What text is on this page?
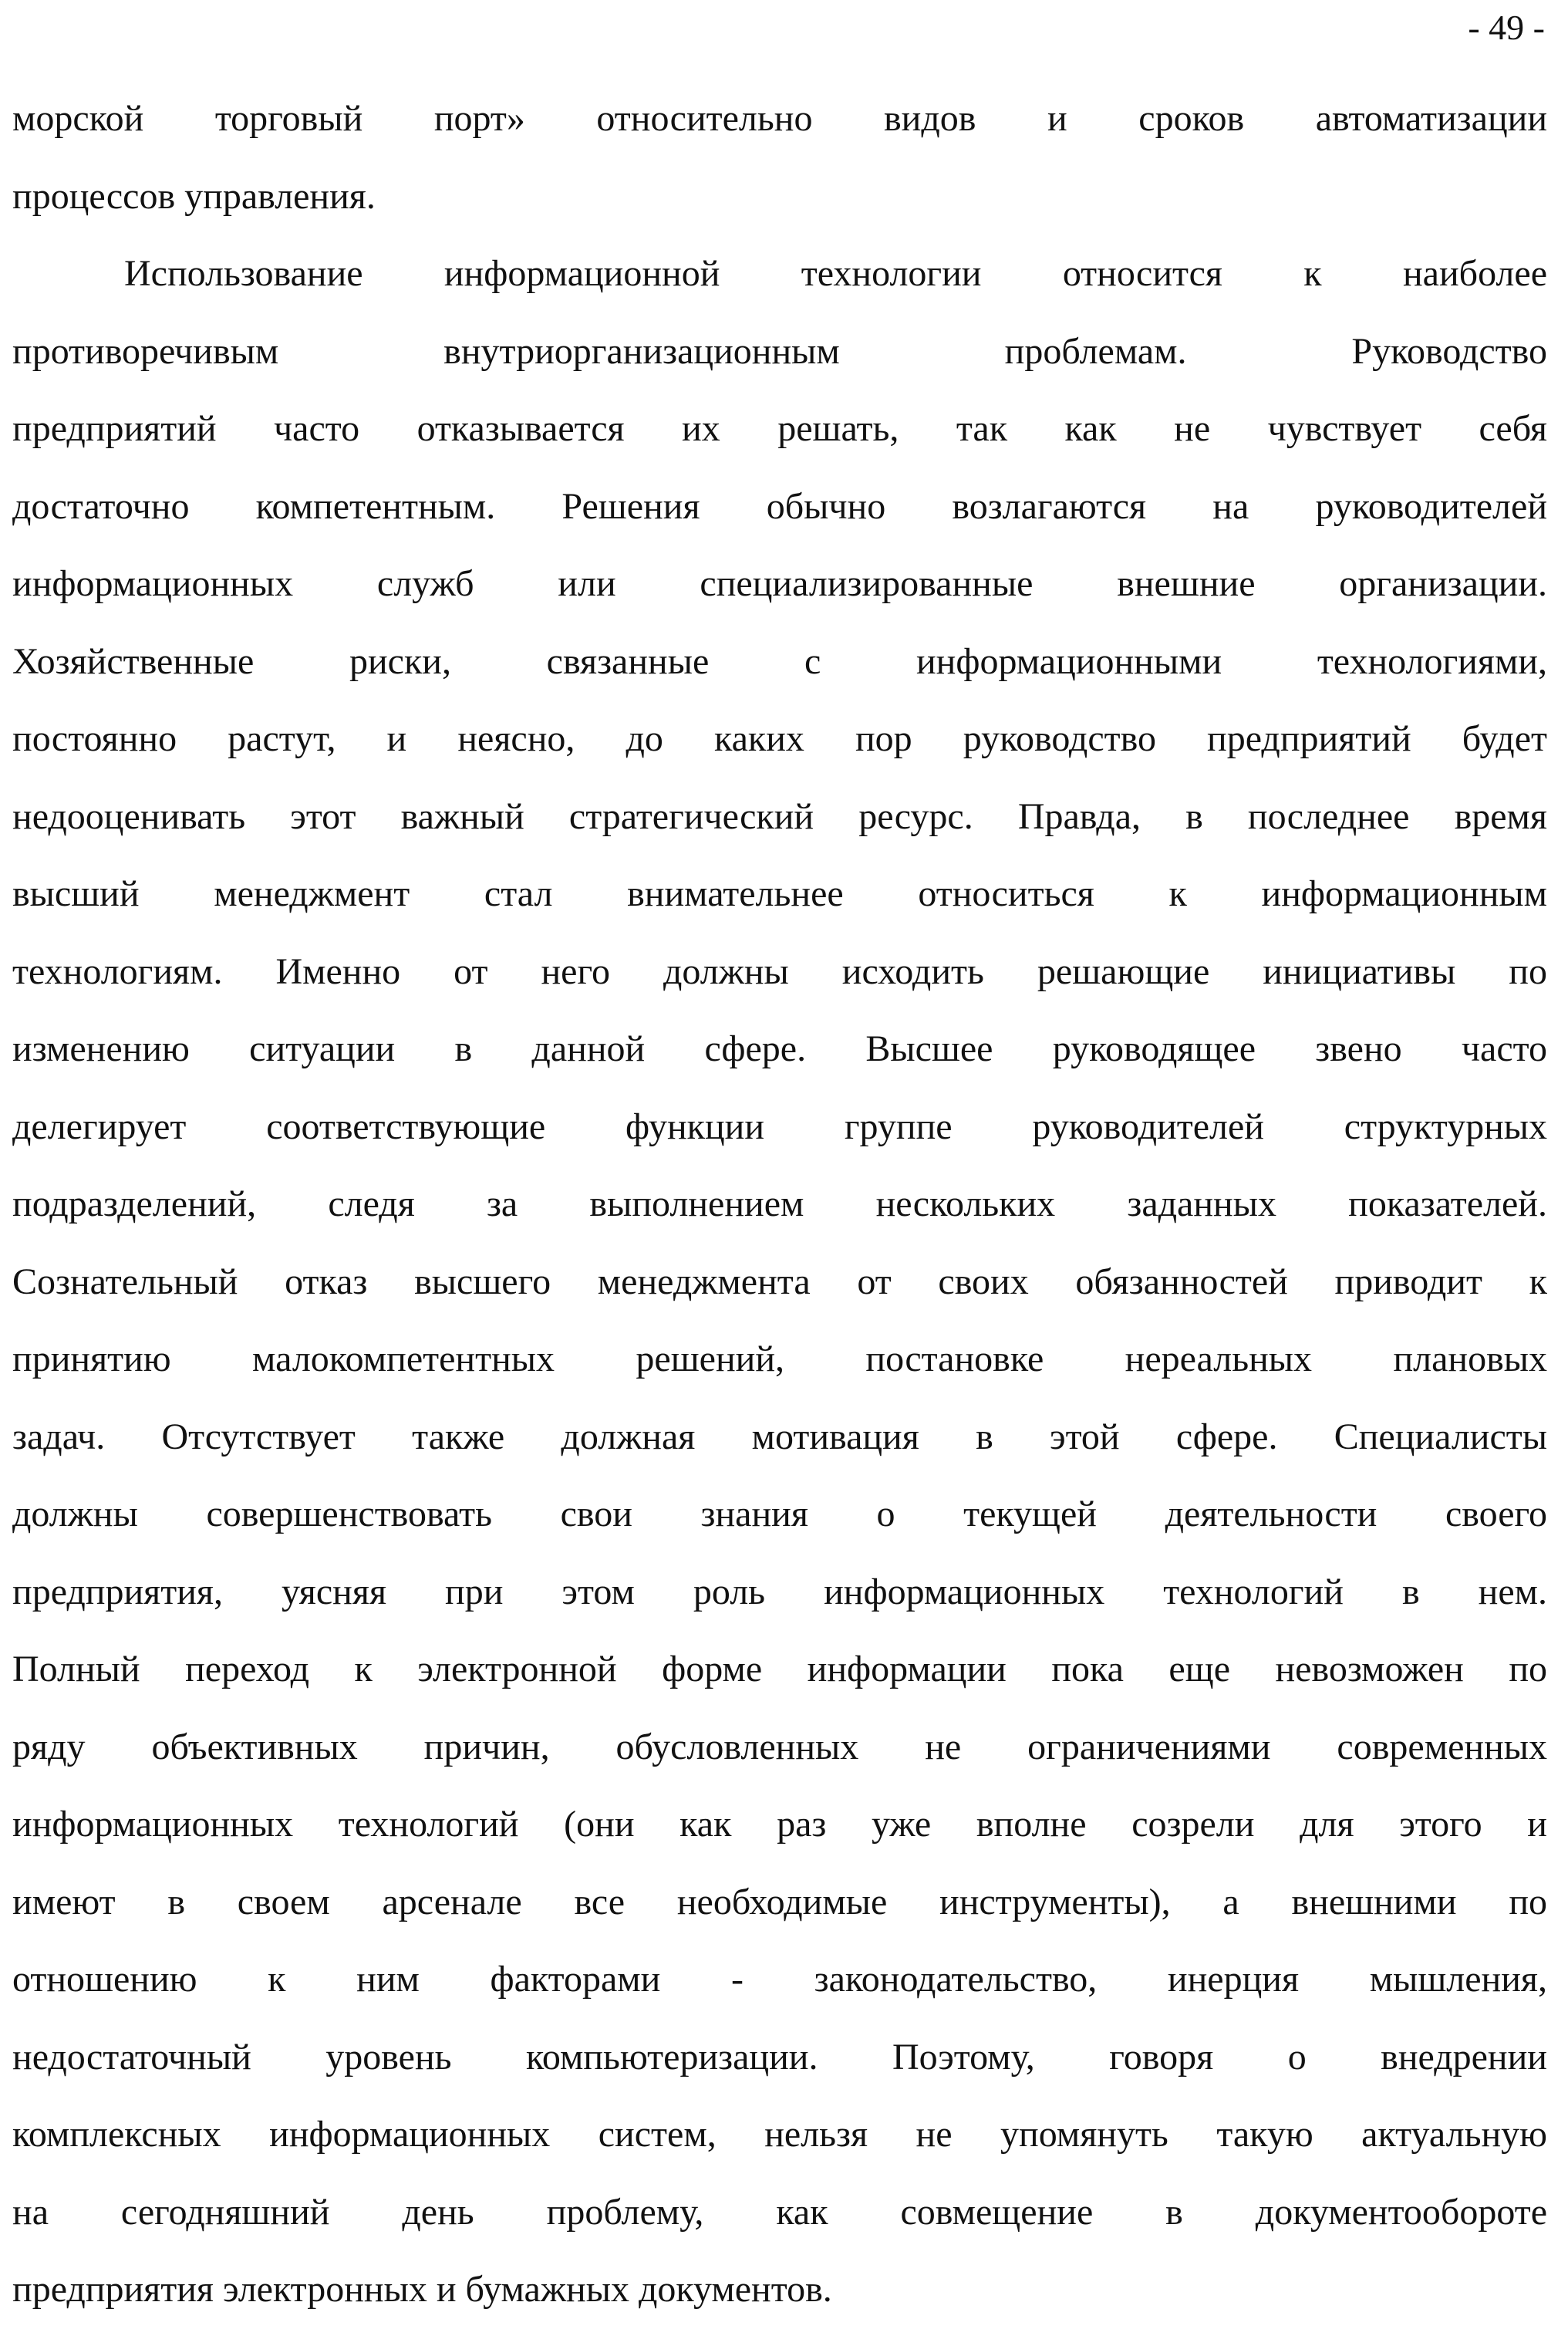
- 49 -
морской торговый порт» относительно видов и сроков автоматизации
процессов управления.
Использование информационной технологии относится к наиболее
противоречивым внутриорганизационным проблемам. Руководство
предприятий часто отказывается их решать, так как не чувствует себя
достаточно компетентным. Решения обычно возлагаются на руководителей
информационных служб или специализированные внешние организации.
Хозяйственные риски, связанные с информационными технологиями,
постоянно растут, и неясно, до каких пор руководство предприятий будет
недооценивать этот важный стратегический ресурс. Правда, в последнее время
высший менеджмент стал внимательнее относиться к информационным
технологиям. Именно от него должны исходить решающие инициативы по
изменению ситуации в данной сфере. Высшее руководящее звено часто
делегирует соответствующие функции группе руководителей структурных
подразделений, следя за выполнением нескольких заданных показателей.
Сознательный отказ высшего менеджмента от своих обязанностей приводит к
принятию малокомпетентных решений, постановке нереальных плановых
задач. Отсутствует также должная мотивация в этой сфере. Специалисты
должны совершенствовать свои знания о текущей деятельности своего
предприятия, уясняя при этом роль информационных технологий в нем.
Полный переход к электронной форме информации пока еще невозможен по
ряду объективных причин, обусловленных не ограничениями современных
информационных технологий (они как раз уже вполне созрели для этого и
имеют в своем арсенале все необходимые инструменты), а внешними по
отношению к ним факторами - законодательство, инерция мышления,
недостаточный уровень компьютеризации. Поэтому, говоря о внедрении
комплексных информационных систем, нельзя не упомянуть такую актуальную
на сегодняшний день проблему, как совмещение в документообороте
предприятия электронных и бумажных документов.
